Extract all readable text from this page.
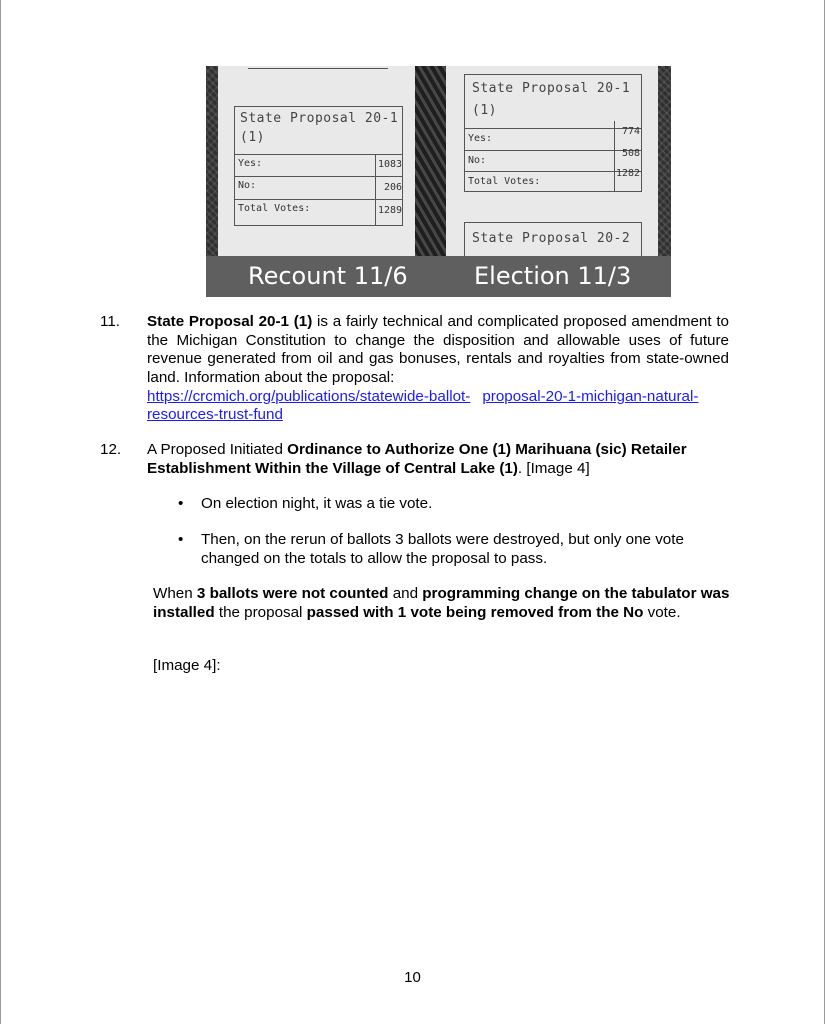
State Proposal 20-1
(1)
Yes:
No:
Total Votes:
1083
206
1289
State Proposal 20-1
(1)
Yes:
No:
Total Votes:
774
508
1282
State Proposal 20-2
Recount 11/6	Election 11/3
11. State Proposal 20-1 (1) is a fairly technical and complicated proposed amendment to the Michigan Constitution to change the disposition and allowable uses of future revenue generated from oil and gas bonuses, rentals and royalties from state-owned land. Information about the proposal:
https://crcmich.org/publications/statewide-ballot- proposal-20-1-michigan-natural-
resources-trust-fund
12. A Proposed Initiated Ordinance to Authorize One (1) Marihuana (sic) Retailer Establishment Within the Village of Central Lake (1). [Image 4]
• On election night, it was a tie vote.
• Then, on the rerun of ballots 3 ballots were destroyed, but only one vote changed on the totals to allow the proposal to pass.
When 3 ballots were not counted and programming change on the tabulator was installed the proposal passed with 1 vote being removed from the No vote.
[Image 4]:
10
